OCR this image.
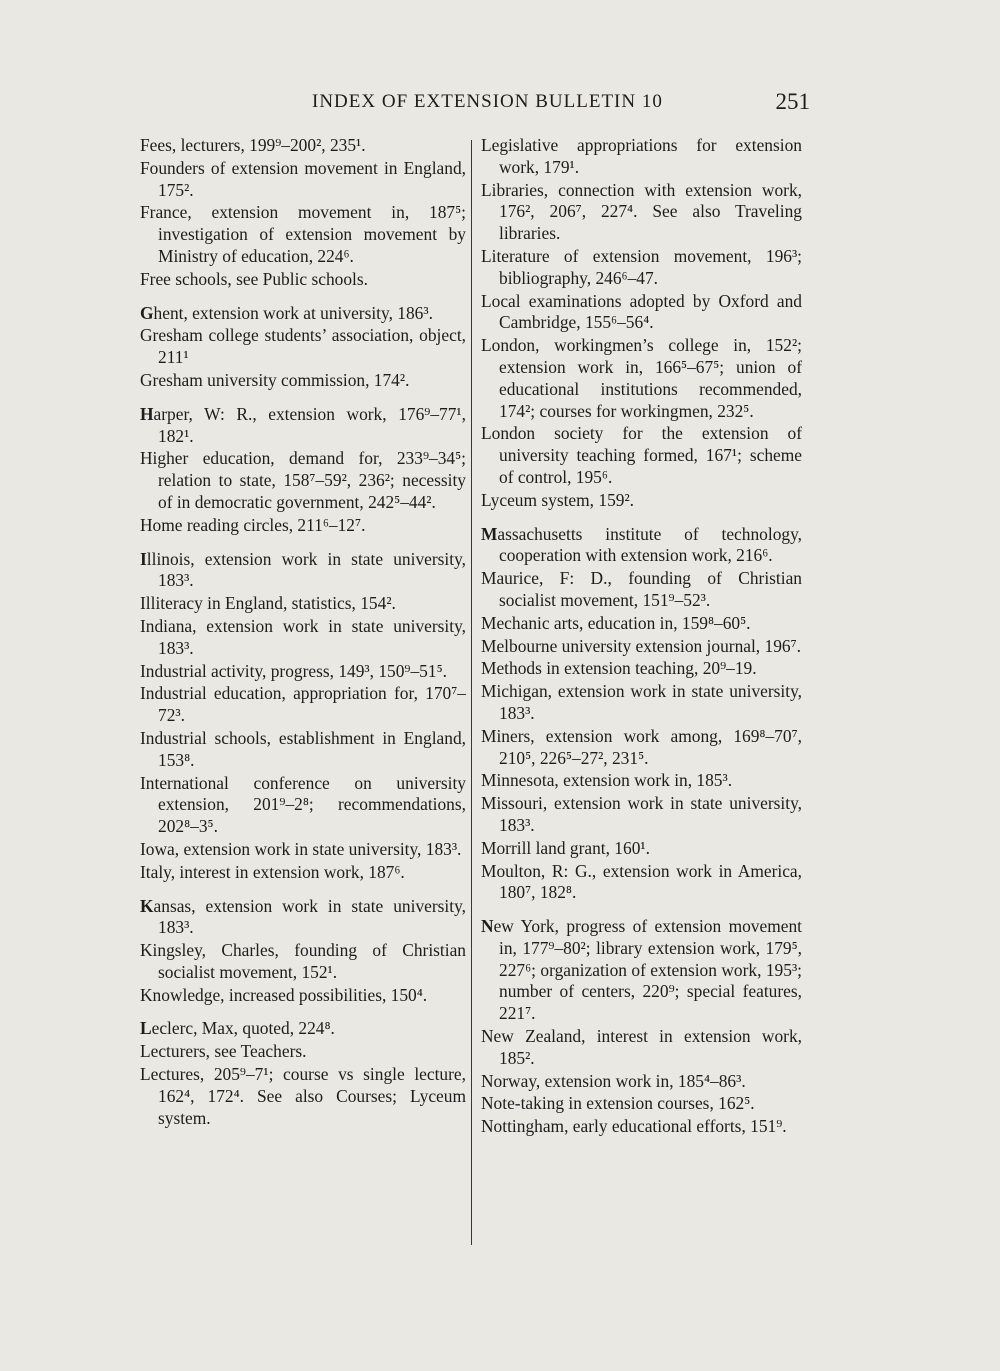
INDEX OF EXTENSION BULLETIN 10	251
Fees, lecturers, 199⁹–200², 235¹.
Founders of extension movement in England, 175².
France, extension movement in, 187⁵; investigation of extension movement by Ministry of education, 224⁶.
Free schools, see Public schools.
Ghent, extension work at university, 186³.
Gresham college students’ association, object, 211¹
Gresham university commission, 174².
Harper, W: R., extension work, 176⁹–77¹, 182¹.
Higher education, demand for, 233⁹–34⁵; relation to state, 158⁷–59², 236²; necessity of in democratic government, 242⁵–44².
Home reading circles, 211⁶–12⁷.
Illinois, extension work in state university, 183³.
Illiteracy in England, statistics, 154².
Indiana, extension work in state university, 183³.
Industrial activity, progress, 149³, 150⁹–51⁵.
Industrial education, appropriation for, 170⁷–72³.
Industrial schools, establishment in England, 153⁸.
International conference on university extension, 201⁹–2⁸; recommendations, 202⁸–3⁵.
Iowa, extension work in state university, 183³.
Italy, interest in extension work, 187⁶.
Kansas, extension work in state university, 183³.
Kingsley, Charles, founding of Christian socialist movement, 152¹.
Knowledge, increased possibilities, 150⁴.
Leclerc, Max, quoted, 224⁸.
Lecturers, see Teachers.
Lectures, 205⁹–7¹; course vs single lecture, 162⁴, 172⁴. See also Courses; Lyceum system.
Legislative appropriations for extension work, 179¹.
Libraries, connection with extension work, 176², 206⁷, 227⁴. See also Traveling libraries.
Literature of extension movement, 196³; bibliography, 246⁶–47.
Local examinations adopted by Oxford and Cambridge, 155⁶–56⁴.
London, workingmen’s college in, 152²; extension work in, 166⁵–67⁵; union of educational institutions recommended, 174²; courses for workingmen, 232⁵.
London society for the extension of university teaching formed, 167¹; scheme of control, 195⁶.
Lyceum system, 159².
Massachusetts institute of technology, cooperation with extension work, 216⁶.
Maurice, F: D., founding of Christian socialist movement, 151⁹–52³.
Mechanic arts, education in, 159⁸–60⁵.
Melbourne university extension journal, 196⁷.
Methods in extension teaching, 20⁹–19.
Michigan, extension work in state university, 183³.
Miners, extension work among, 169⁸–70⁷, 210⁵, 226⁵–27², 231⁵.
Minnesota, extension work in, 185³.
Missouri, extension work in state university, 183³.
Morrill land grant, 160¹.
Moulton, R: G., extension work in America, 180⁷, 182⁸.
New York, progress of extension movement in, 177⁹–80²; library extension work, 179⁵, 227⁶; organization of extension work, 195³; number of centers, 220⁹; special features, 221⁷.
New Zealand, interest in extension work, 185².
Norway, extension work in, 185⁴–86³.
Note-taking in extension courses, 162⁵.
Nottingham, early educational efforts, 151⁹.
